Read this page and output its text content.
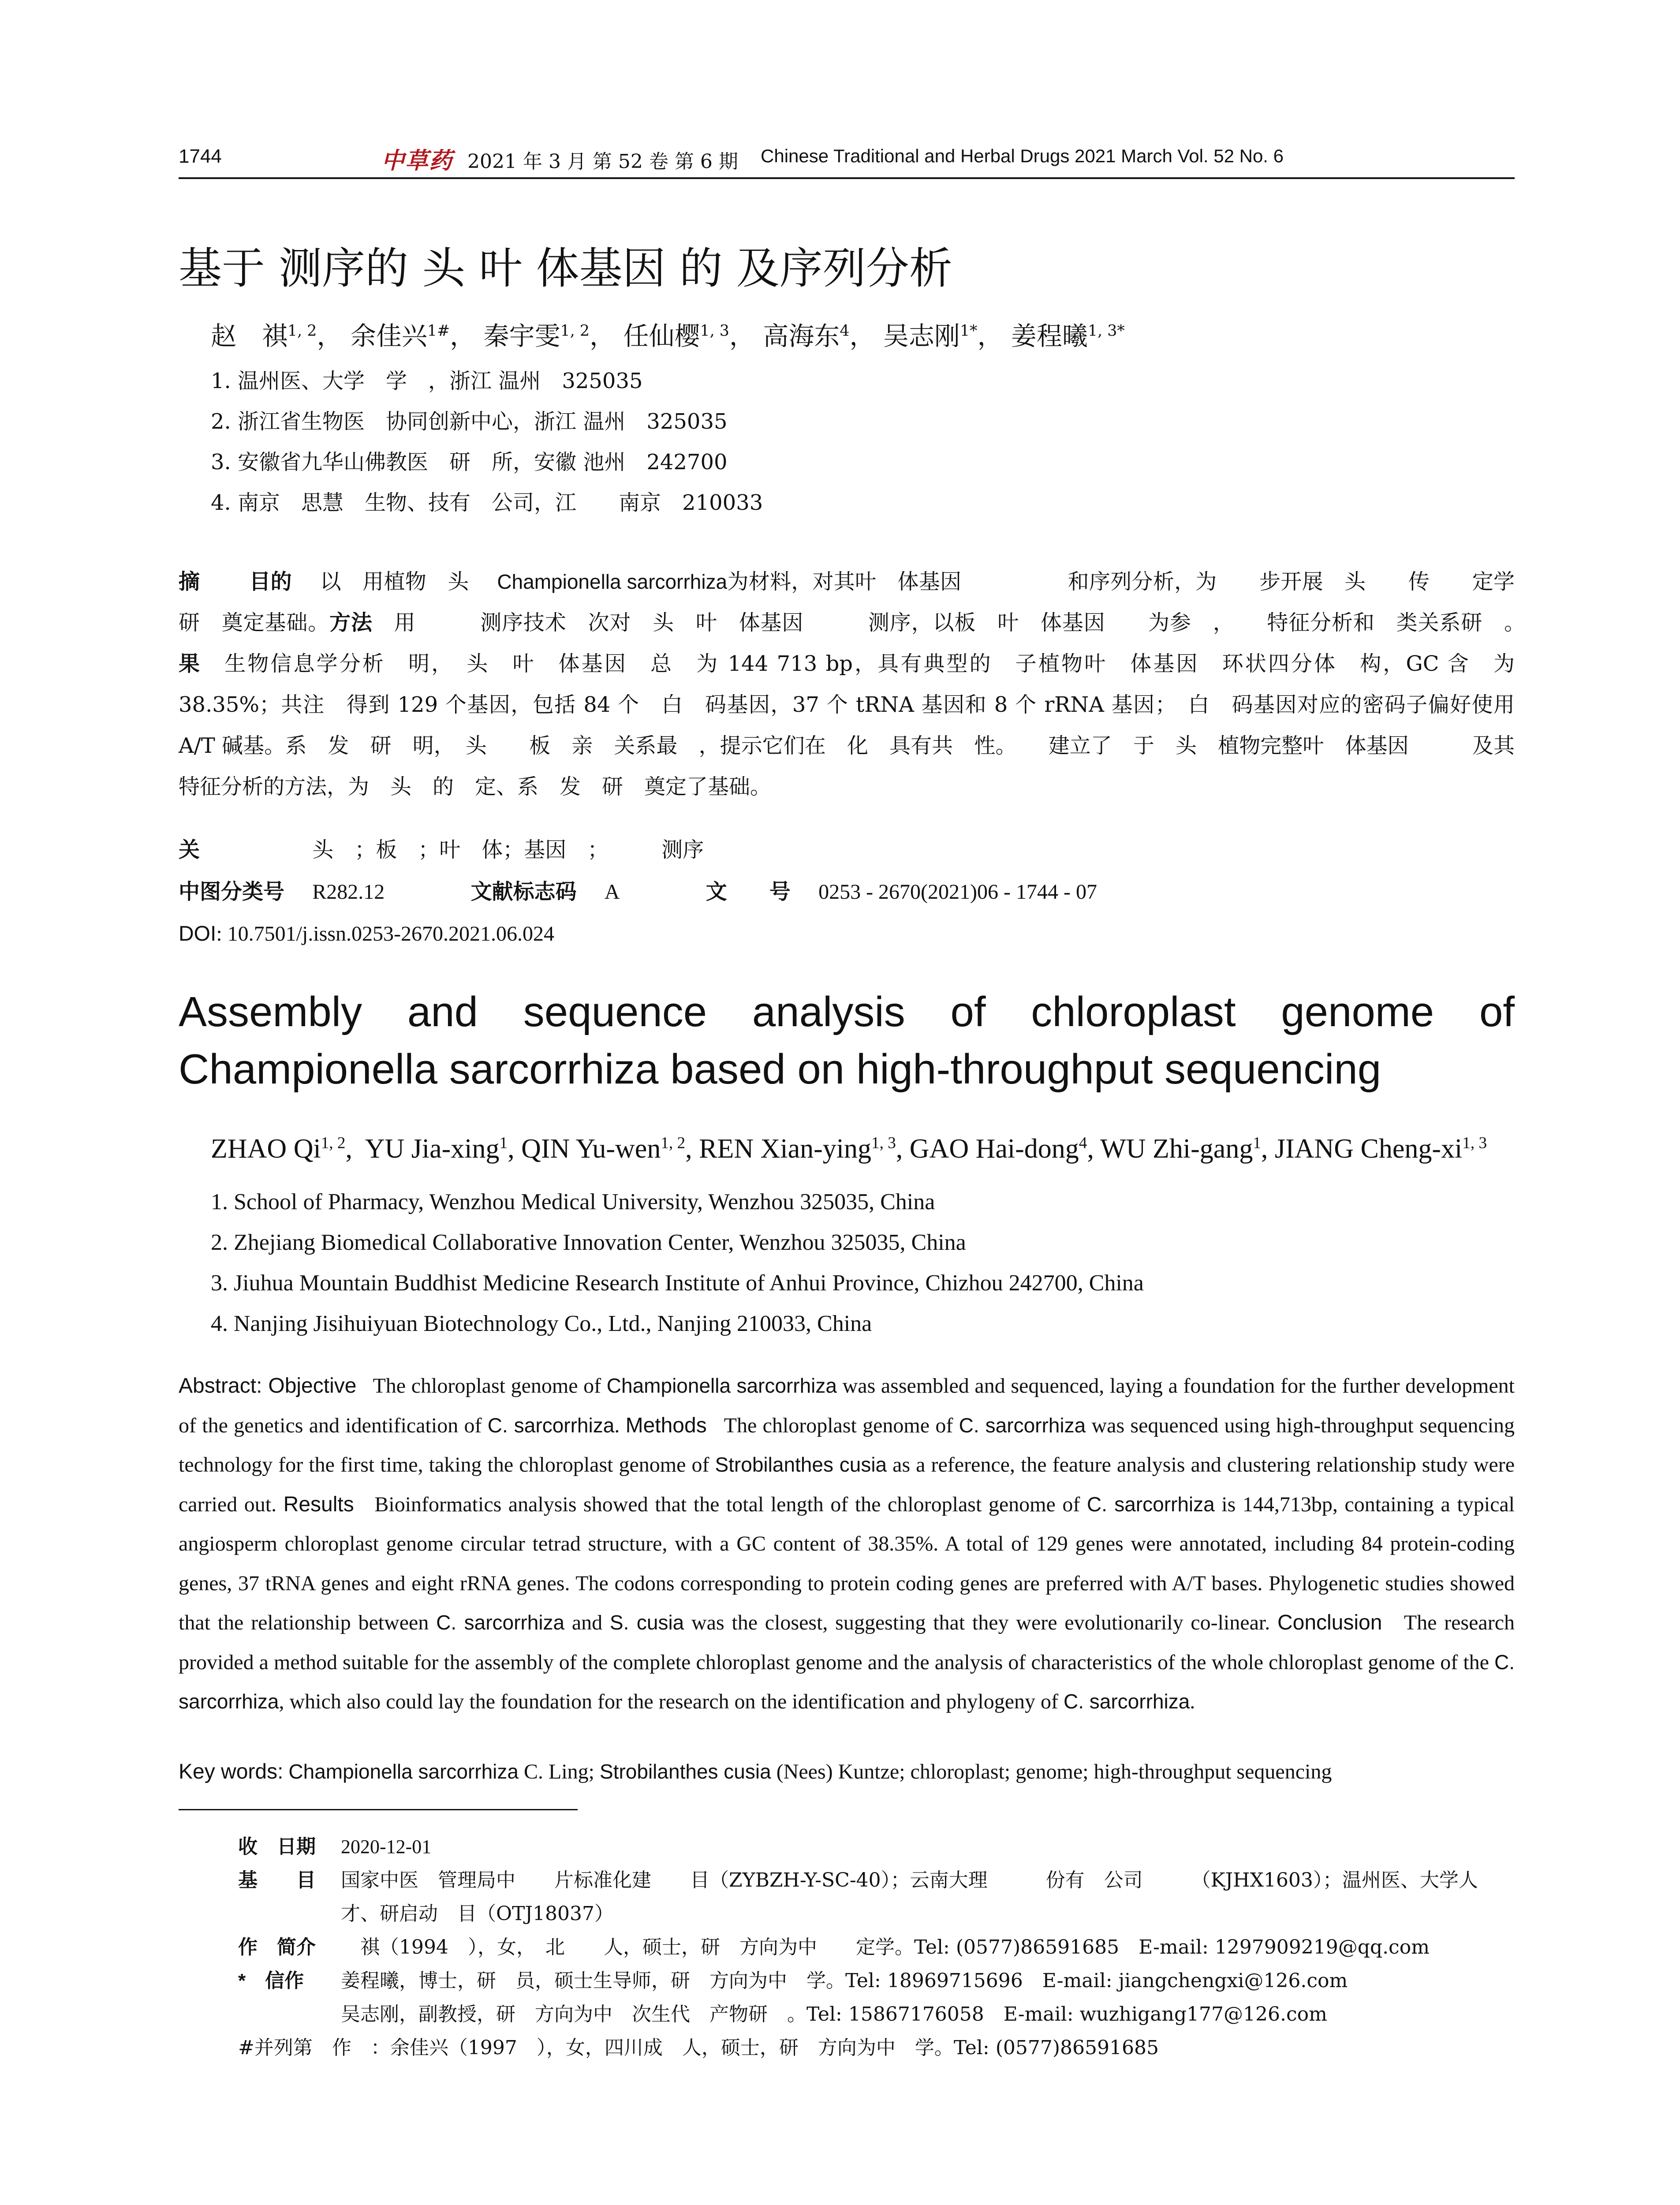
1744	中草药 2021 年 3 月 第 52 卷 第 6 期 Chinese Traditional and Herbal Drugs 2021 March Vol. 52 No. 6
基于 测序的 头 叶 体基因 的 及序列分析
赵　祺$^{1, 2}$， 余佳兴$^{1\#}$， 秦宇雯$^{1, 2}$， 任仙樱$^{1, 3}$， 高海东$^4$， 吴志刚$^{1*}$， 姜程曦$^{1, 3*}$
1. 温州医、大学　学　，浙江 温州　325035
2. 浙江省生物医　协同创新中心，浙江 温州　325035
3. 安徽省九华山佛教医　研　所，安徽 池州　242700
4. 南京　思慧　生物、技有　公司，江　　南京　210033
摘　　 目的　 以　用植物　头　 Championella sarcorrhiza为材料，对其叶　体基因　　　　　和序列分析，为　　步开展　头　　传　　定学研　奠定基础。方法　用　　　测序技术　次对　头　叶　体基因　　　测序，以板　叶　体基因　　为参　，　　特征分析和　类关系研　。　果　 生物信息学分析　明，　头　叶　体基因　总　为 144 713 bp，具有典型的　子植物叶　体基因　环状四分体　构，GC 含　为 38.35%；共注　得到 129 个基因，包括 84 个　白　码基因，37 个 tRNA 基因和 8 个 rRNA 基因；　白　码基因对应的密码子偏好使用 A/T 碱基。系　发　研　明，　头　　板　亲　关系最　，提示它们在　化　具有共　性。　　建立了　于　头　植物完整叶　体基因　　　及其特征分析的方法，为　头　的　定、系　发　研　奠定了基础。
关　　　　　	头　；板　；叶　体；基因　；　　　测序
中图分类号　 R282.12	文献标志码　 A	文　　号　 0253 - 2670(2021)06 - 1744 - 07
DOI: 10.7501/j.issn.0253-2670.2021.06.024
Assembly and sequence analysis of chloroplast genome of Championella sarcorrhiza based on high-throughput sequencing
ZHAO Qi$^{1, 2}$,  YU Jia-xing$^1$, QIN Yu-wen$^{1, 2}$, REN Xian-ying$^{1, 3}$, GAO Hai-dong$^4$, WU Zhi-gang$^1$, JIANG Cheng-xi$^{1, 3}$
1. School of Pharmacy, Wenzhou Medical University, Wenzhou 325035, China
2. Zhejiang Biomedical Collaborative Innovation Center, Wenzhou 325035, China
3. Jiuhua Mountain Buddhist Medicine Research Institute of Anhui Province, Chizhou 242700, China
4. Nanjing Jisihuiyuan Biotechnology Co., Ltd., Nanjing 210033, China
Abstract: Objective The chloroplast genome of Championella sarcorrhiza was assembled and sequenced, laying a foundation for the further development of the genetics and identification of C. sarcorrhiza. Methods The chloroplast genome of C. sarcorrhiza was sequenced using high-throughput sequencing technology for the first time, taking the chloroplast genome of Strobilanthes cusia as a reference, the feature analysis and clustering relationship study were carried out. Results Bioinformatics analysis showed that the total length of the chloroplast genome of C. sarcorrhiza is 144,713bp, containing a typical angiosperm chloroplast genome circular tetrad structure, with a GC content of 38.35%. A total of 129 genes were annotated, including 84 protein-coding genes, 37 tRNA genes and eight rRNA genes. The codons corresponding to protein coding genes are preferred with A/T bases. Phylogenetic studies showed that the relationship between C. sarcorrhiza and S. cusia was the closest, suggesting that they were evolutionarily co-linear. Conclusion The research provided a method suitable for the assembly of the complete chloroplast genome and the analysis of characteristics of the whole chloroplast genome of the C. sarcorrhiza, which also could lay the foundation for the research on the identification and phylogeny of C. sarcorrhiza.
Key words: Championella sarcorrhiza C. Ling; Strobilanthes cusia (Nees) Kuntze; chloroplast; genome; high-throughput sequencing
收　日期 2020-12-01
基　　目 国家中医　管理局中　　片标准化建　　目（ZYBZH-Y-SC-40）；云南大理　　　份有　公司　　　（KJHX1603）；温州医、大学人才、研启动　目（OTJ18037）
作　简介 　祺（1994　），女，　北　　人，硕士，研　方向为中　　定学。Tel: (0577)86591685　E-mail: 1297909219@qq.com
*　信作 姜程曦，博士，研　员，硕士生导师，研　方向为中　学。Tel: 18969715696　E-mail: jiangchengxi@126.com
吴志刚，副教授，研　方向为中　次生代　产物研　。Tel: 15867176058　E-mail: wuzhigang177@126.com
#并列第　作　：余佳兴（1997　），女，四川成　人，硕士，研　方向为中　学。Tel: (0577)86591685
